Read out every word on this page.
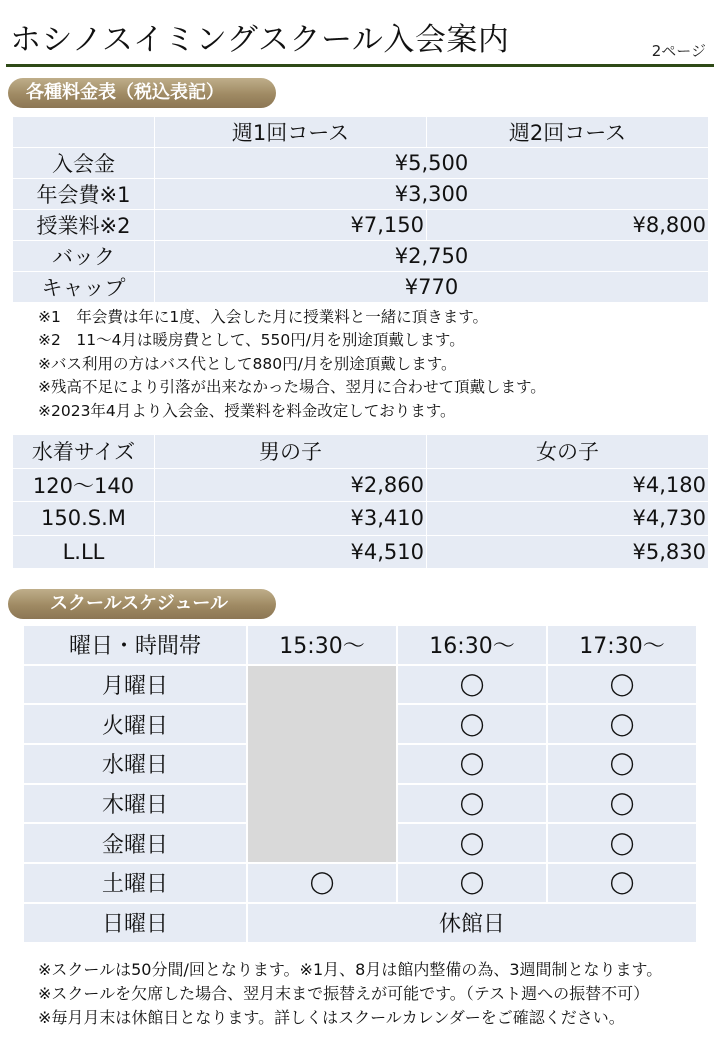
ホシノスイミングスクール入会案内	2ページ
各種料金表（税込表記）
	週1回コース	週2回コース
入会金	¥5,500	
年会費※1	¥3,300	
授業料※2	¥7,150	¥8,800
バック	¥2,750	
キャップ	¥770	
※1　年会費は年に1度、入会した月に授業料と一緒に頂きます。
※2　11～4月は暖房費として、550円/月を別途頂戴します。
※バス利用の方はバス代として880円/月を別途頂戴します。
※残高不足により引落が出来なかった場合、翌月に合わせて頂戴します。
※2023年4月より入会金、授業料を料金改定しております。
水着サイズ	男の子	女の子
120～140	¥2,860	¥4,180
150.S.M	¥3,410	¥4,730
L.LL	¥4,510	¥5,830
スクールスケジュール
曜日・時間帯	15:30～	16:30～	17:30～
月曜日		◯	◯
火曜日		◯	◯
水曜日		◯	◯
木曜日		◯	◯
金曜日		◯	◯
土曜日	◯	◯	◯
日曜日	休館日		
※スクールは50分間/回となります。※1月、8月は館内整備の為、3週間制となります。
※スクールを欠席した場合、翌月末まで振替えが可能です。（テスト週への振替不可）
※毎月月末は休館日となります。詳しくはスクールカレンダーをご確認ください。
